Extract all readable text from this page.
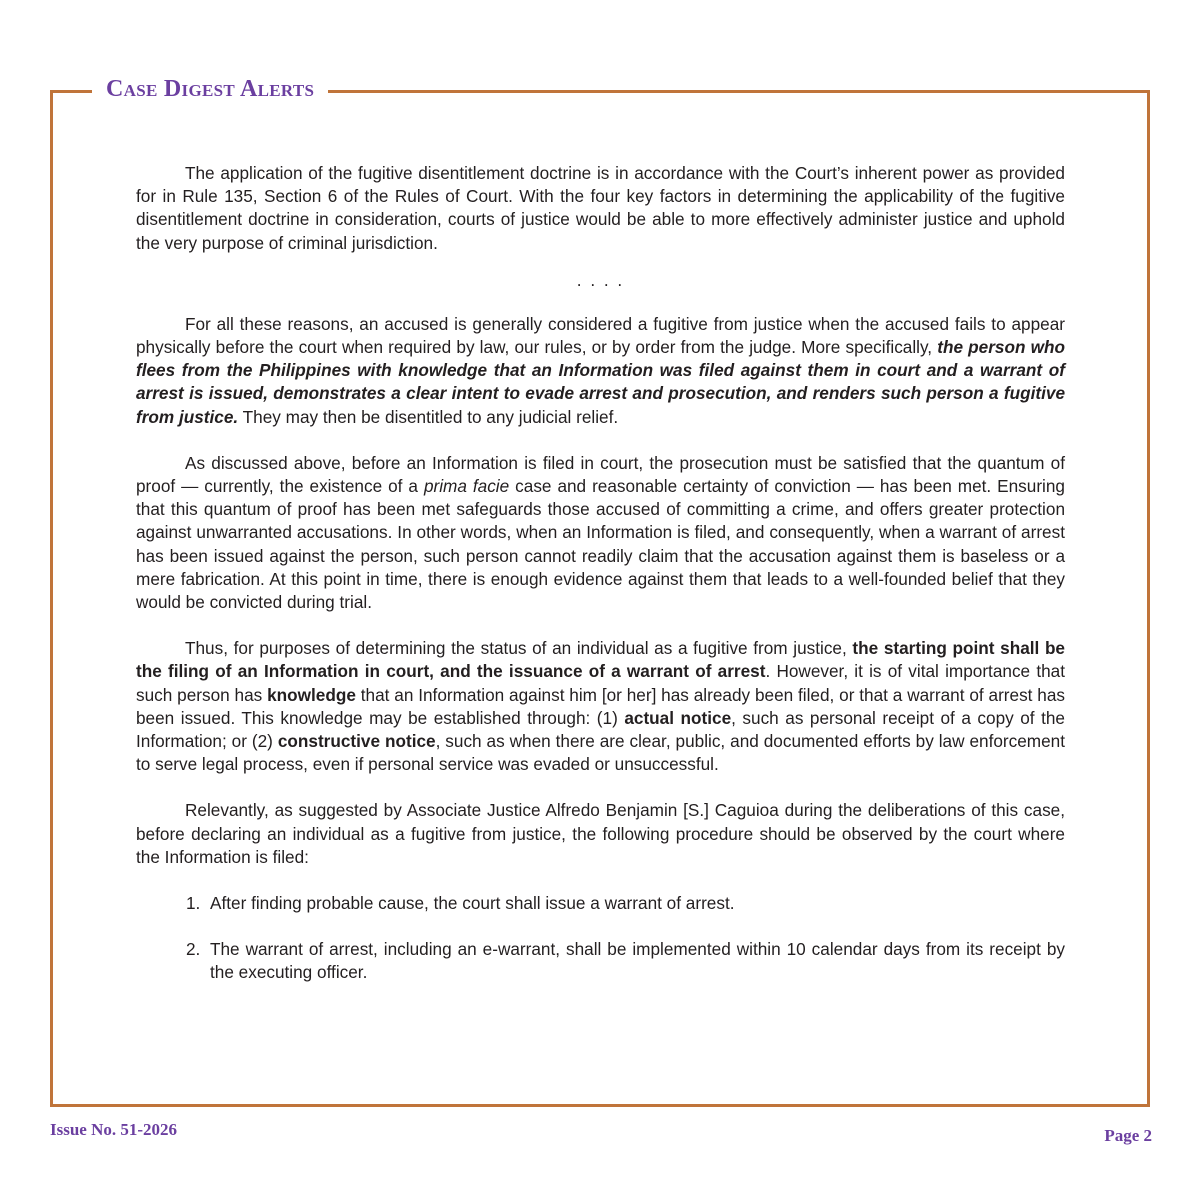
Case Digest Alerts

The application of the fugitive disentitlement doctrine is in accordance with the Court’s inherent power as provided for in Rule 135, Section 6 of the Rules of Court. With the four key factors in determining the applicability of the fugitive disentitlement doctrine in consideration, courts of justice would be able to more effectively administer justice and uphold the very purpose of criminal jurisdiction.

. . . .

For all these reasons, an accused is generally considered a fugitive from justice when the accused fails to appear physically before the court when required by law, our rules, or by order from the judge. More specifically, the person who flees from the Philippines with knowledge that an Information was filed against them in court and a warrant of arrest is issued, demonstrates a clear intent to evade arrest and prosecution, and renders such person a fugitive from justice. They may then be disentitled to any judicial relief.

As discussed above, before an Information is filed in court, the prosecution must be satisfied that the quantum of proof — currently, the existence of a prima facie case and reasonable certainty of conviction — has been met. Ensuring that this quantum of proof has been met safeguards those accused of committing a crime, and offers greater protection against unwarranted accusations. In other words, when an Information is filed, and consequently, when a warrant of arrest has been issued against the person, such person cannot readily claim that the accusation against them is baseless or a mere fabrication. At this point in time, there is enough evidence against them that leads to a well-founded belief that they would be convicted during trial.

Thus, for purposes of determining the status of an individual as a fugitive from justice, the starting point shall be the filing of an Information in court, and the issuance of a warrant of arrest. However, it is of vital importance that such person has knowledge that an Information against him [or her] has already been filed, or that a warrant of arrest has been issued. This knowledge may be established through: (1) actual notice, such as personal receipt of a copy of the Information; or (2) constructive notice, such as when there are clear, public, and documented efforts by law enforcement to serve legal process, even if personal service was evaded or unsuccessful.

Relevantly, as suggested by Associate Justice Alfredo Benjamin [S.] Caguioa during the deliberations of this case, before declaring an individual as a fugitive from justice, the following procedure should be observed by the court where the Information is filed:

1. After finding probable cause, the court shall issue a warrant of arrest.
2. The warrant of arrest, including an e-warrant, shall be implemented within 10 calendar days from its receipt by the executing officer.
Issue No. 51-2026	Page 2
